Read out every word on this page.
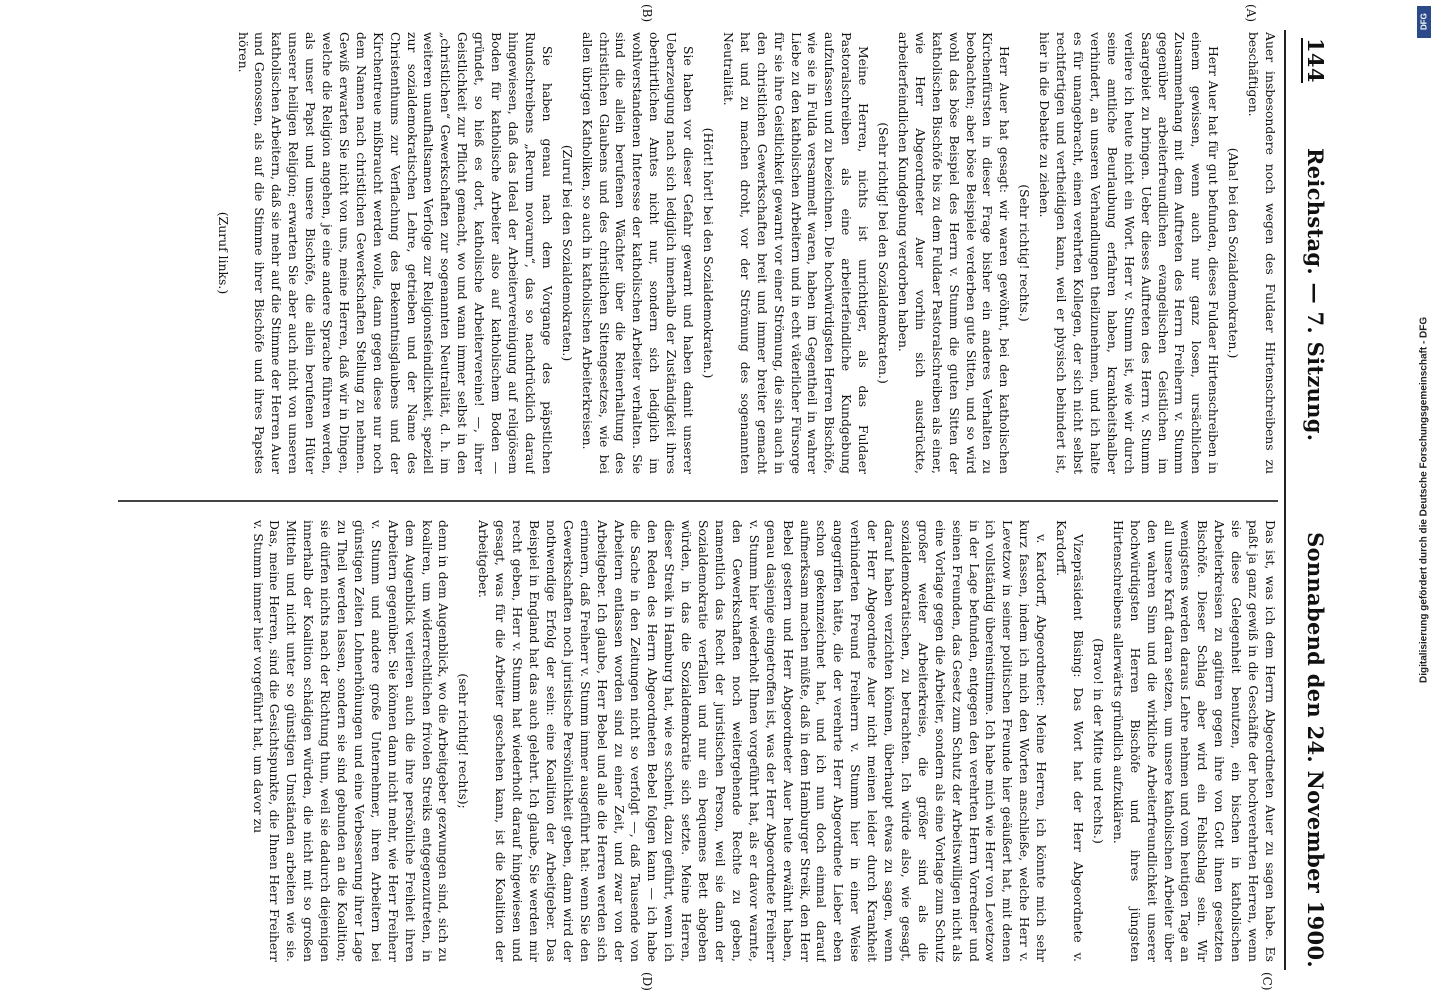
144
Reichstag. — 7. Sitzung.
Sonnabend den 24. November 1900.
(A)
(B)
(C)
(D)

Auer insbesondere noch wegen des Fuldaer Hirtenschreibens zu beschäftigen.

(Aha! bei den Sozialdemokraten.)

Herr Auer hat für gut befunden, dieses Fuldaer Hirtenschreiben in einem gewissen, wenn auch nur ganz losen, ursächlichen Zusammenhang mit dem Auftreten des Herrn Freiherrn v. Stumm gegenüber arbeiterfreundlichen evangelischen Geistlichen im Saargebiet zu bringen. Ueber dieses Auftreten des Herrn v. Stumm verliere ich heute nicht ein Wort. Herr v. Stumm ist, wie wir durch seine amtliche Beurlaubung erfahren haben, krankheitshalber verhindert, an unseren Verhandlungen theilzunehmen, und ich halte es für unangebracht, einen verehrten Kollegen, der sich nicht selbst rechtfertigen und vertheidigen kann, weil er physisch behindert ist, hier in die Debatte zu ziehen.

(Sehr richtig! rechts.)

Herr Auer hat gesagt: wir waren gewöhnt, bei den katholischen Kirchenfürsten in dieser Frage bisher ein anderes Verhalten zu beobachten; aber böse Beispiele verderben gute Sitten, und so wird wohl das böse Beispiel des Herrn v. Stumm die guten Sitten der katholischen Bischöfe bis zu dem Fuldaer Pastoralschreiben als einer, wie Herr Abgeordneter Auer vorhin sich ausdrückte, arbeiterfeindlichen Kundgebung verdorben haben.

(Sehr richtig! bei den Sozialdemokraten.)

Meine Herren, nichts ist unrichtiger, als das Fuldaer Pastoralschreiben als eine arbeiterfeindliche Kundgebung aufzufassen und zu bezeichnen. Die hochwürdigsten Herren Bischöfe, wie sie in Fulda versammelt waren, haben im Gegentheil in wahrer Liebe zu den katholischen Arbeitern und in echt väterlicher Fürsorge für sie ihre Geistlichkeit gewarnt vor einer Strömung, die sich auch in den christlichen Gewerkschaften breit und immer breiter gemacht hat und zu machen droht, vor der Strömung des sogenannten Neutralität.

(Hört! hört! bei den Sozialdemokraten.)

Sie haben vor dieser Gefahr gewarnt und haben damit unserer Ueberzeugung nach sich lediglich innerhalb der Zuständigkeit ihres oberhirtlichen Amtes nicht nur, sondern sich lediglich im wohlverstandenen Interesse der katholischen Arbeiter verhalten. Sie sind die allein berufenen Wächter über die Reinerhaltung des christlichen Glaubens und des christlichen Sittengesetzes, wie bei allen übrigen Katholiken, so auch in katholischen Arbeiterkreisen.

(Zuruf bei den Sozialdemokraten.)

Sie haben genau nach dem Vorgange des päpstlichen Rundschreibens „Rerum novarum“, das so nachdrücklich darauf hingewiesen, daß das Ideal der Arbeitervereinigung auf religiösem Boden für katholische Arbeiter also auf katholischem Boden — gründet, so hieß es dort, katholische Arbeitervereine! —, ihrer Geistlichkeit zur Pflicht gemacht, wo und wann immer selbst in den „christlichen“ Gewerkschaften zur sogenannten Neutralität, d. h. im weiteren unaufhaltsamen Verfolge zur Religionsfeindlichkeit, speziell zur sozialdemokratischen Lehre, getrieben und der Name des Christenthums zur Verflachung des Bekenntnisglaubens und der Kirchentreue mißbraucht werden wolle, dann gegen diese nur noch dem Namen nach christlichen Gewerkschaften Stellung zu nehmen. Gewiß erwarten Sie nicht von uns, meine Herren, daß wir in Dingen, welche die Religion angehen, je eine andere Sprache führen werden, als unser Papst und unsere Bischöfe, die allein berufenen Hüter unserer heiligen Religion; erwarten Sie aber auch nicht von unseren katholischen Arbeitern, daß sie mehr auf die Stimme der Herren Auer und Genossen, als auf die Stimme ihrer Bischöfe und ihres Papstes hören.

(Zuruf links.)

Das ist, was ich dem Herrn Abgeordneten Auer zu sagen habe. Es paßt ja ganz gewiß in die Geschäfte der hochverehrten Herren, wenn sie diese Gelegenheit benutzen, ein bischen in katholischen Arbeiterkreisen zu agitiren gegen ihre von Gott ihnen gesetzten Bischöfe. Dieser Schlag aber wird ein Fehlschlag sein. Wir wenigstens werden daraus Lehre nehmen und vom heutigen Tage an all unsere Kraft daran setzen, um unsere katholischen Arbeiter über den wahren Sinn und die wirkliche Arbeiterfreundlichkeit unserer hochwürdigsten Herren Bischöfe und ihres jüngsten Hirtenschreibens allerwärts gründlich aufzuklären.

(Bravo! in der Mitte und rechts.)

Vizepräsident Büsing: Das Wort hat der Herr Abgeordnete v. Kardorff.

v. Kardorff, Abgeordneter: Meine Herren, ich könnte mich sehr kurz fassen, indem ich mich den Worten anschließe, welche Herr v. Levetzow in seiner politischen Freunde hier geäußert hat, mit denen ich vollständig übereinstimme. Ich habe mich wie Herr von Levetzow in der Lage befunden, entgegen den verehrten Herrn Vorredner und seinen Freunden, das Gesetz zum Schutz der Arbeitswilligen nicht als eine Vorlage gegen die Arbeiter, sondern als eine Vorlage zum Schutz großer weiter Arbeiterkreise, die größer sind als die sozialdemokratischen, zu betrachten. Ich würde also, wie gesagt, darauf haben verzichten können, überhaupt etwas zu sagen, wenn der Herr Abgeordnete Auer nicht meinen leider durch Krankheit verhinderten Freund Freiherrn v. Stumm hier in einer Weise angegriffen hätte, die der verehrte Herr Abgeordnete Lieber eben schon gekennzeichnet hat, und ich nun doch einmal darauf aufmerksam machen müßte, daß in dem Hamburger Streik, den Herr Bebel gestern und Herr Abgeordneter Auer heute erwähnt haben, genau dasjenige eingetroffen ist, was der Herr Abgeordnete Freiherr v. Stumm hier wiederholt Ihnen vorgeführt hat, als er davor warnte, den Gewerkschaften noch weitergehende Rechte zu geben, namentlich das Recht der juristischen Person, weil sie dann der Sozialdemokratie verfallen und nur ein bequemes Bett abgeben würden, in das die Sozialdemokratie sich setzte. Meine Herren, dieser Streik in Hamburg hat, wie es scheint, dazu geführt, wenn ich den Reden des Herrn Abgeordneten Bebel folgen kann — ich habe die Sache in den Zeitungen nicht so verfolgt —, daß Tausende von Arbeitern entlassen worden sind zu einer Zeit, und zwar von der Arbeitgeber. Ich glaube, Herr Bebel und alle die Herren werden sich erinnern, daß Freiherr v. Stumm immer ausgeführt hat: wenn Sie den Gewerkschaften noch juristische Persönlichkeit geben, dann wird der nothwendige Erfolg der sein: eine Koalition der Arbeitgeber. Das Beispiel in England hat das auch gelehrt. Ich glaube, Sie werden mir recht geben, Herr v. Stumm hat wiederholt darauf hingewiesen und gesagt, was für die Arbeiter geschehen kann, ist die Koalition der Arbeitgeber.

(sehr richtig! rechts);

denn in dem Augenblick, wo die Arbeitgeber gezwungen sind, sich zu koaliren, um widerrechtlichen frivolen Streiks entgegenzutreten, in dem Augenblick verlieren auch die ihre persönliche Freiheit ihren Arbeitern gegenüber. Sie können dann nicht mehr, wie Herr Freiherr v. Stumm und andere große Unternehmer, ihren Arbeitern bei günstigen Zeiten Lohnerhöhungen und eine Verbesserung ihrer Lage zu Theil werden lassen, sondern sie sind gebunden an die Koalition; sie dürfen nichts nach der Richtung thun, weil sie dadurch diejenigen innerhalb der Koalition schädigen würden, die nicht mit so großen Mitteln und nicht unter so günstigen Umständen arbeiten wie sie. Das, meine Herren, sind die Gesichtspunkte, die Ihnen Herr Freiherr v. Stumm immer hier vorgeführt hat, um davor zu	Digitalisierung gefördert durch die Deutsche Forschungsgemeinschaft - DFG
DFG
